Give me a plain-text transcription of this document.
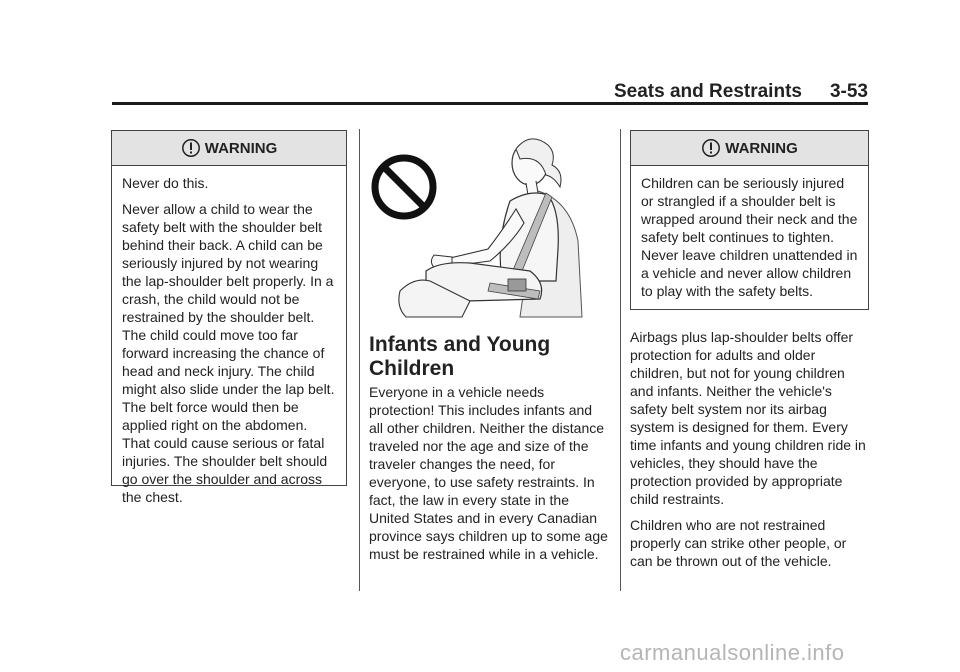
Seats and Restraints 3-53
WARNING

Never do this.

Never allow a child to wear the safety belt with the shoulder belt behind their back. A child can be seriously injured by not wearing the lap-shoulder belt properly. In a crash, the child would not be restrained by the shoulder belt. The child could move too far forward increasing the chance of head and neck injury. The child might also slide under the lap belt. The belt force would then be applied right on the abdomen. That could cause serious or fatal injuries. The shoulder belt should go over the shoulder and across the chest.

Infants and Young Children

Everyone in a vehicle needs protection! This includes infants and all other children. Neither the distance traveled nor the age and size of the traveler changes the need, for everyone, to use safety restraints. In fact, the law in every state in the United States and in every Canadian province says children up to some age must be restrained while in a vehicle.

WARNING

Children can be seriously injured or strangled if a shoulder belt is wrapped around their neck and the safety belt continues to tighten. Never leave children unattended in a vehicle and never allow children to play with the safety belts.

Airbags plus lap-shoulder belts offer protection for adults and older children, but not for young children and infants. Neither the vehicle's safety belt system nor its airbag system is designed for them. Every time infants and young children ride in vehicles, they should have the protection provided by appropriate child restraints.

Children who are not restrained properly can strike other people, or can be thrown out of the vehicle.

carmanualsonline.info
